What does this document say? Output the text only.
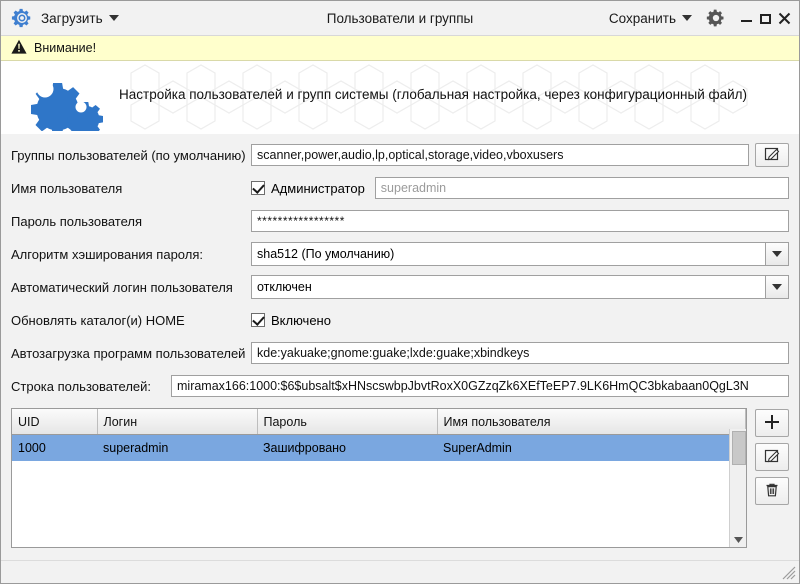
Загрузить	Пользователи и группы	Сохранить
Внимание!
Настройка пользователей и групп системы (глобальная настройка, через конфигурационный файл)
Группы пользователей (по умолчанию) scanner,power,audio,lp,optical,storage,video,vboxusers
Имя пользователя	Администратор	superadmin
Пароль пользователя	*****************
Алгоритм хэширования пароля:	sha512 (По умолчанию)
Автоматический логин пользователя	отключен
Обновлять каталог(и) HOME	Включено
Автозагрузка программ пользователей kde:yakuake;gnome:guake;lxde:guake;xbindkeys
Строка пользователей:	miramax166:1000:$6$ubsalt$xHNscswbpJbvtRoxX0GZzqZk6XEfTeEP7.9LK6HmQC3bkabaan0QgL3N
UID	Логин	Пароль	Имя пользователя
1000	superadmin	Зашифровано	SuperAdmin
